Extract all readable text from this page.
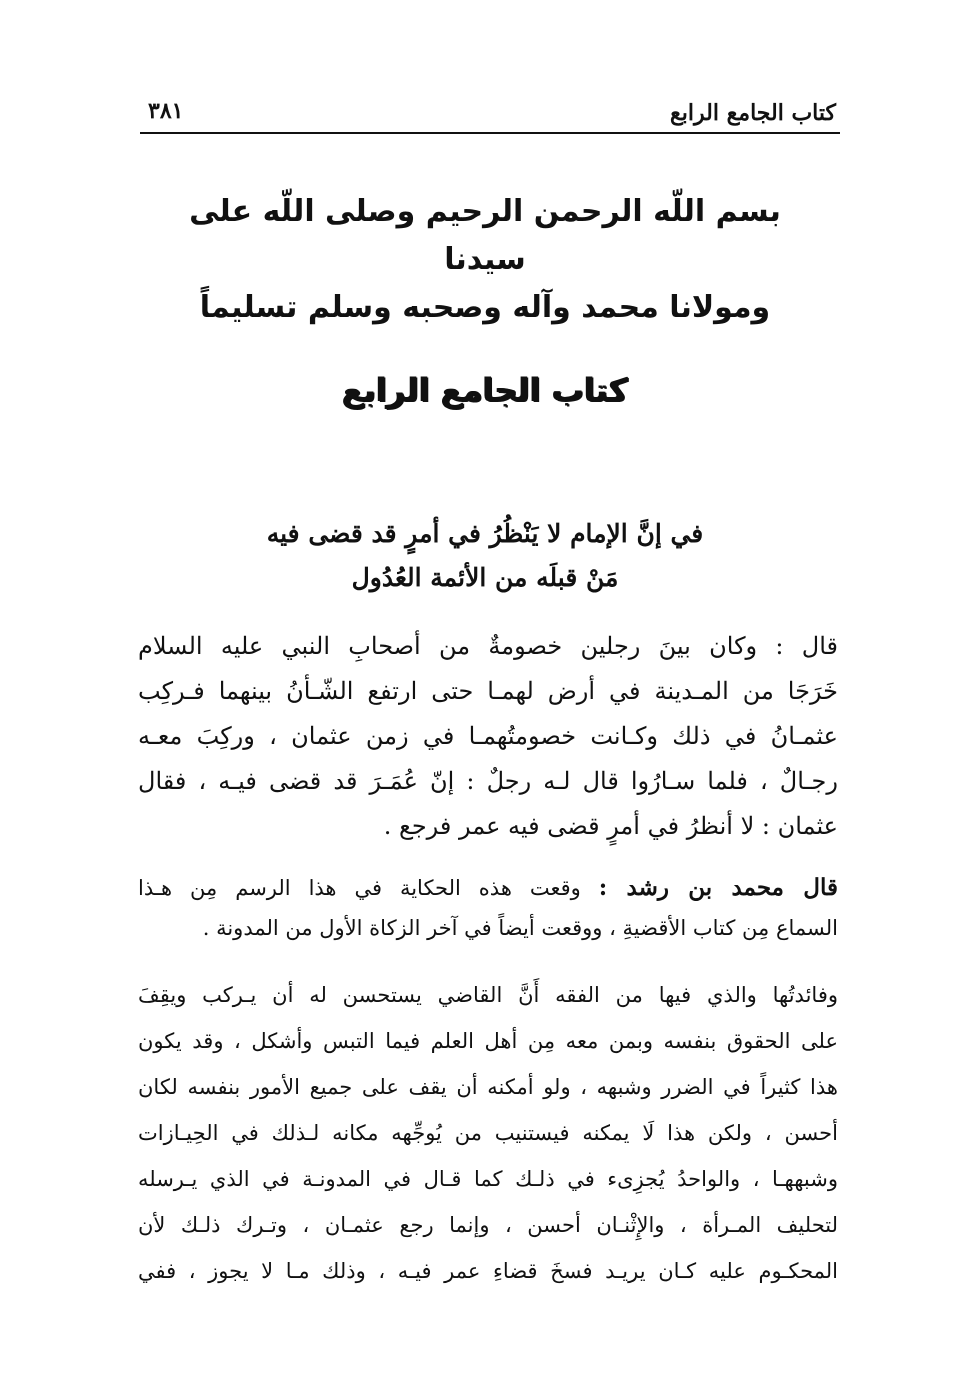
كتاب الجامع الرابع
٣٨١
بسم اللّه الرحمن الرحيم وصلى اللّه على سيدنا
ومولانا محمد وآله وصحبه وسلم تسليماً
كتاب الجامع الرابع
في إنَّ الإمام لا يَنْظُرُ في أمرٍ قد قضى فيه
مَنْ قبلَه من الأئمة العُدُول
قال : وكان بينَ رجلين خصومةٌ من أصحابِ النبي عليه السلام
خَرَجَا من المـدينة في أرض لهمـا حتى ارتفع الشّـأنُ بينهما فـركِب
عثمـانُ في ذلك وكـانت خصومتُهمـا في زمن عثمان ، وركِبَ معـه
رجـالٌ ، فلما سـارُوا قال لـه رجلٌ : إنّ عُمَـرَ قد قضى فيـه ، فقال
عثمان : لا أنظرُ في أمرٍ قضى فيه عمر فرجع .
قال محمد بن رشد : وقعت هذه الحكاية في هذا الرسم مِن هـذا
السماع مِن كتاب الأقضيةِ ، ووقعت أيضاً في آخر الزكاة الأول من المدونة .
وفائدتُها والذي فيها من الفقه أَنَّ القاضي يستحسن له أن يـركب ويقِفَ
على الحقوق بنفسه وبمن معه مِن أهل العلم فيما التبس وأشكل ، وقد يكون
هذا كثيراً في الضرر وشبهه ، ولو أمكنه أن يقف على جميع الأمور بنفسه لكان
أحسن ، ولكن هذا لَا يمكنه فيستنيب من يُوجِّهه مكانه لـذلك في الحِيـازات
وشبههـا ، والواحدُ يُجزِىء في ذلـك كما قـال في المدونـة في الذي يـرسله
لتحليف المـرأة ، والإِثْنـان أحسن ، وإنما رجع عثمـان ، وتـرك ذلـك لأن
المحكـوم عليه كـان يريـد فسخَ قضاءِ عمر فيـه ، وذلك مـا لا يجوز ، ففي
